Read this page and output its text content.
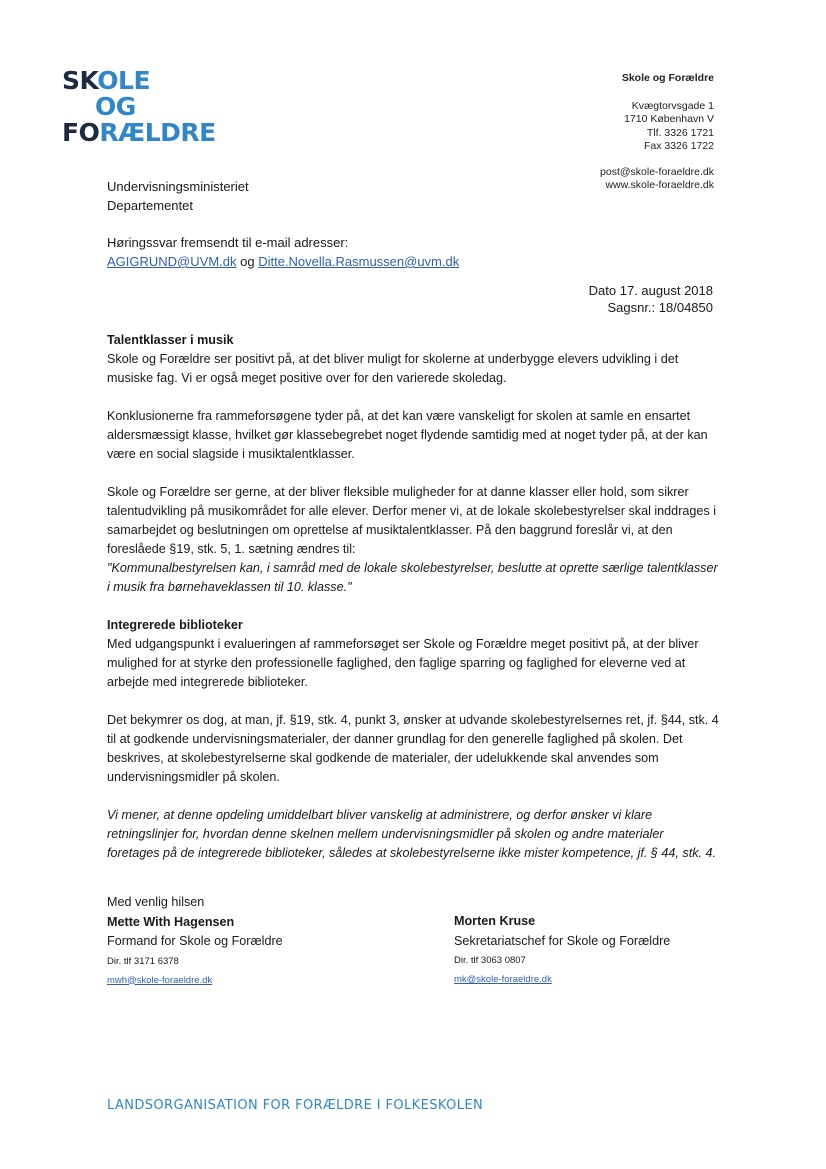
SKOLE
OG
FORÆLDRE
Skole og Forældre
Kvægtorvsgade 1
1710 København V
Tlf. 3326 1721
Fax 3326 1722
post@skole-foraeldre.dk
www.skole-foraeldre.dk
Undervisningsministeriet
Departementet
Høringssvar fremsendt til e-mail adresser:
AGIGRUND@UVM.dk og Ditte.Novella.Rasmussen@uvm.dk
Dato 17. august 2018
Sagsnr.: 18/04850
Talentklasser i musik

Skole og Forældre ser positivt på, at det bliver muligt for skolerne at underbygge elevers udvikling i det musiske fag. Vi er også meget positive over for den varierede skoledag.

Konklusionerne fra rammeforsøgene tyder på, at det kan være vanskeligt for skolen at samle en ensartet aldersmæssigt klasse, hvilket gør klassebegrebet noget flydende samtidig med at noget tyder på, at der kan være en social slagside i musiktalentklasser.

Skole og Forældre ser gerne, at der bliver fleksible muligheder for at danne klasser eller hold, som sikrer talentudvikling på musikområdet for alle elever. Derfor mener vi, at de lokale skolebestyrelser skal inddrages i samarbejdet og beslutningen om oprettelse af musiktalentklasser. På den baggrund foreslår vi, at den foreslåede §19, stk. 5, 1. sætning ændres til:
"Kommunalbestyrelsen kan, i samråd med de lokale skolebestyrelser, beslutte at oprette særlige talentklasser i musik fra børnehaveklassen til 10. klasse."

Integrerede biblioteker

Med udgangspunkt i evalueringen af rammeforsøget ser Skole og Forældre meget positivt på, at der bliver mulighed for at styrke den professionelle faglighed, den faglige sparring og faglighed for eleverne ved at arbejde med integrerede biblioteker.

Det bekymrer os dog, at man, jf. §19, stk. 4, punkt 3, ønsker at udvande skolebestyrelsernes ret, jf. §44, stk. 4 til at godkende undervisningsmaterialer, der danner grundlag for den generelle faglighed på skolen. Det beskrives, at skolebestyrelserne skal godkende de materialer, der udelukkende skal anvendes som undervisningsmidler på skolen.

Vi mener, at denne opdeling umiddelbart bliver vanskelig at administrere, og derfor ønsker vi klare retningslinjer for, hvordan denne skelnen mellem undervisningsmidler på skolen og andre materialer foretages på de integrerede biblioteker, således at skolebestyrelserne ikke mister kompetence, jf. § 44, stk. 4.

Med venlig hilsen
Mette With Hagensen
Formand for Skole og Forældre
Dir. tlf 3171 6378
mwh@skole-foraeldre.dk
Morten Kruse
Sekretariatschef for Skole og Forældre
Dir. tlf 3063 0807
mk@skole-foraeldre.dk
LANDSORGANISATION FOR FORÆLDRE I FOLKESKOLEN
